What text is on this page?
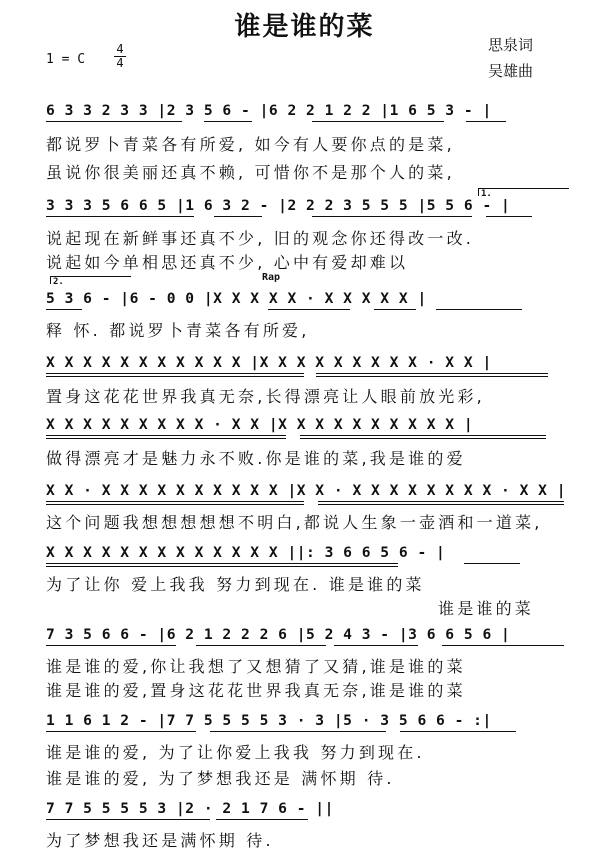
谁是谁的菜
思泉词
吴雄曲
1 = C
4
4
6 3 3 2 3 3 |2 3 5 6 - |6 2 2 1 2 2 |1 6 5 3 - |
都说罗卜青菜各有所爱, 如今有人要你点的是菜,
虽说你很美丽还真不赖, 可惜你不是那个人的菜,
3 3 3 5 6 6 5 |1 6 3 2 - |2 2 2 3 5 5 5 |5 5 6 - |
1.
说起现在新鲜事还真不少, 旧的观念你还得改一改.
说起如今单相思还真不少, 心中有爱却难以
2.	Rap
5 3 6 - |6 - 0 0 |X X X X X · X X X X X |
释 怀. 都说罗卜青菜各有所爱,
X X X X X X X X X X X |X X X X X X X X X · X X |
置身这花花世界我真无奈,长得漂亮让人眼前放光彩,
X X X X X X X X X · X X |X X X X X X X X X X |
做得漂亮才是魅力永不败.你是谁的菜,我是谁的爱
X X · X X X X X X X X X X |X X · X X X X X X X X · X X |
这个问题我想想想想想不明白,都说人生象一壶酒和一道菜,
X X X X X X X X X X X X X ||: 3 6 6 5 6 - |
为了让你 爱上我我 努力到现在. 谁是谁的菜
谁是谁的菜
7 3 5 6 6 - |6 2 1 2 2 2 6 |5 2 4 3 - |3 6 6 5 6 |
谁是谁的爱,你让我想了又想猜了又猜,谁是谁的菜
谁是谁的爱,置身这花花世界我真无奈,谁是谁的菜
1 1 6 1 2 - |7 7 5 5 5 5 3 · 3 |5 · 3 5 6 6 - :|
谁是谁的爱, 为了让你爱上我我 努力到现在.
谁是谁的爱, 为了梦想我还是 满怀期 待.
7 7 5 5 5 5 3 |2 · 2 1 7 6 - ||
为了梦想我还是满怀期 待.
